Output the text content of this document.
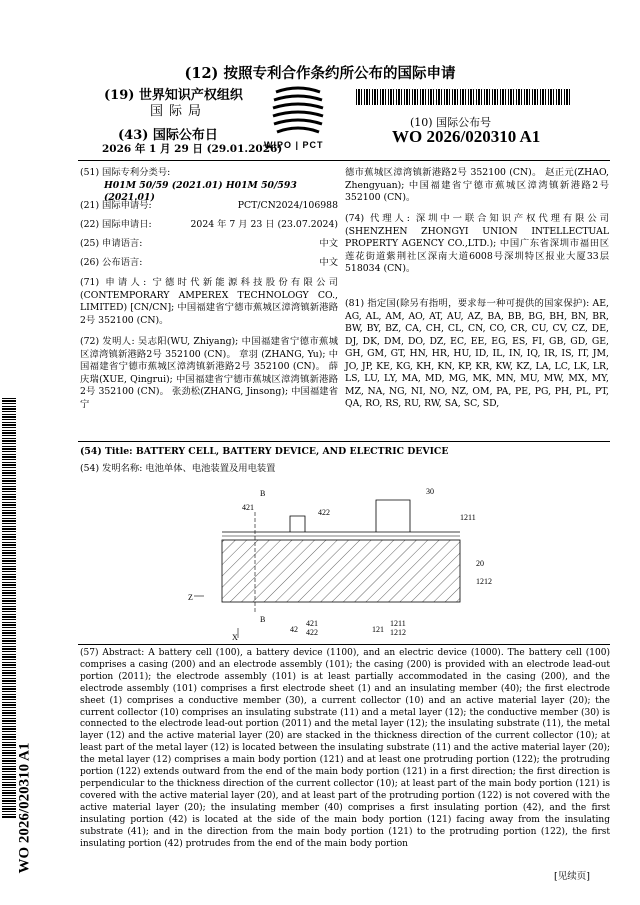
(12) 按照专利合作条约所公布的国际申请
(19) 世界知识产权组织
国际局
(43) 国际公布日
2026 年 1 月 29 日 (29.01.2026)
WIPO | PCT
(10) 国际公布号
WO 2026/020310 A1
(51) 国际专利分类号:
H01M 50/59 (2021.01) H01M 50/593 (2021.01)
(21) 国际申请号:	PCT/CN2024/106988
(22) 国际申请日:	2024 年 7 月 23 日 (23.07.2024)
(25) 申请语言:	中文
(26) 公布语言:	中文
(71) 申请人: 宁德时代新能源科技股份有限公司 (CONTEMPORARY AMPEREX TECHNOLOGY CO., LIMITED) [CN/CN]; 中国福建省宁德市蕉城区漳湾镇新港路2号 352100 (CN)。
(72) 发明人: 吴志阳(WU, Zhiyang); 中国福建省宁德市蕉城区漳湾镇新港路2号 352100 (CN)。 章羽 (ZHANG, Yu); 中国福建省宁德市蕉城区漳湾镇新港路2号 352100 (CN)。 薛庆瑞(XUE, Qingrui); 中国福建省宁德市蕉城区漳湾镇新港路2号 352100 (CN)。 张劲松(ZHANG, Jinsong); 中国福建省宁
德市蕉城区漳湾镇新港路2号 352100 (CN)。 赵正元(ZHAO, Zhengyuan); 中国福建省宁德市蕉城区漳湾镇新港路2号 352100 (CN)。
(74) 代理人: 深圳中一联合知识产权代理有限公司 (SHENZHEN ZHONGYI UNION INTELLECTUAL PROPERTY AGENCY CO.,LTD.); 中国广东省深圳市福田区莲花街道紫荆社区深南大道6008号深圳特区报业大厦33层 518034 (CN)。
(81) 指定国(除另有指明，要求每一种可提供的国家保护): AE, AG, AL, AM, AO, AT, AU, AZ, BA, BB, BG, BH, BN, BR, BW, BY, BZ, CA, CH, CL, CN, CO, CR, CU, CV, CZ, DE, DJ, DK, DM, DO, DZ, EC, EE, EG, ES, FI, GB, GD, GE, GH, GM, GT, HN, HR, HU, ID, IL, IN, IQ, IR, IS, IT, JM, JO, JP, KE, KG, KH, KN, KP, KR, KW, KZ, LA, LC, LK, LR, LS, LU, LY, MA, MD, MG, MK, MN, MU, MW, MX, MY, MZ, NA, NG, NI, NO, NZ, OM, PA, PE, PG, PH, PL, PT, QA, RO, RS, RU, RW, SA, SC, SD,
(54) Title: BATTERY CELL, BATTERY DEVICE, AND ELECTRIC DEVICE
(54) 发明名称: 电池单体、电池装置及用电装置
B
421
422
30
1211
20
1212
B
Z
X
42
421
422	121
1211
1212
(57) Abstract: A battery cell (100), a battery device (1100), and an electric device (1000). The battery cell (100) comprises a casing (200) and an electrode assembly (101); the casing (200) is provided with an electrode lead-out portion (2011); the electrode assembly (101) is at least partially accommodated in the casing (200), and the electrode assembly (101) comprises a first electrode sheet (1) and an insulating member (40); the first electrode sheet (1) comprises a conductive member (30), a current collector (10) and an active material layer (20); the current collector (10) comprises an insulating substrate (11) and a metal layer (12); the conductive member (30) is connected to the electrode lead-out portion (2011) and the metal layer (12); the insulating substrate (11), the metal layer (12) and the active material layer (20) are stacked in the thickness direction of the current collector (10); at least part of the metal layer (12) is located between the insulating substrate (11) and the active material layer (20); the metal layer (12) comprises a main body portion (121) and at least one protruding portion (122); the protruding portion (122) extends outward from the end of the main body portion (121) in a first direction; the first direction is perpendicular to the thickness direction of the current collector (10); at least part of the main body portion (121) is covered with the active material layer (20), and at least part of the protruding portion (122) is not covered with the active material layer (20); the insulating member (40) comprises a first insulating portion (42), and the first insulating portion (42) is located at the side of the main body portion (121) facing away from the insulating substrate (41); and in the direction from the main body portion (121) to the protruding portion (122), the first insulating portion (42) protrudes from the end of the main body portion
WO 2026/020310 A1
[见续页]
